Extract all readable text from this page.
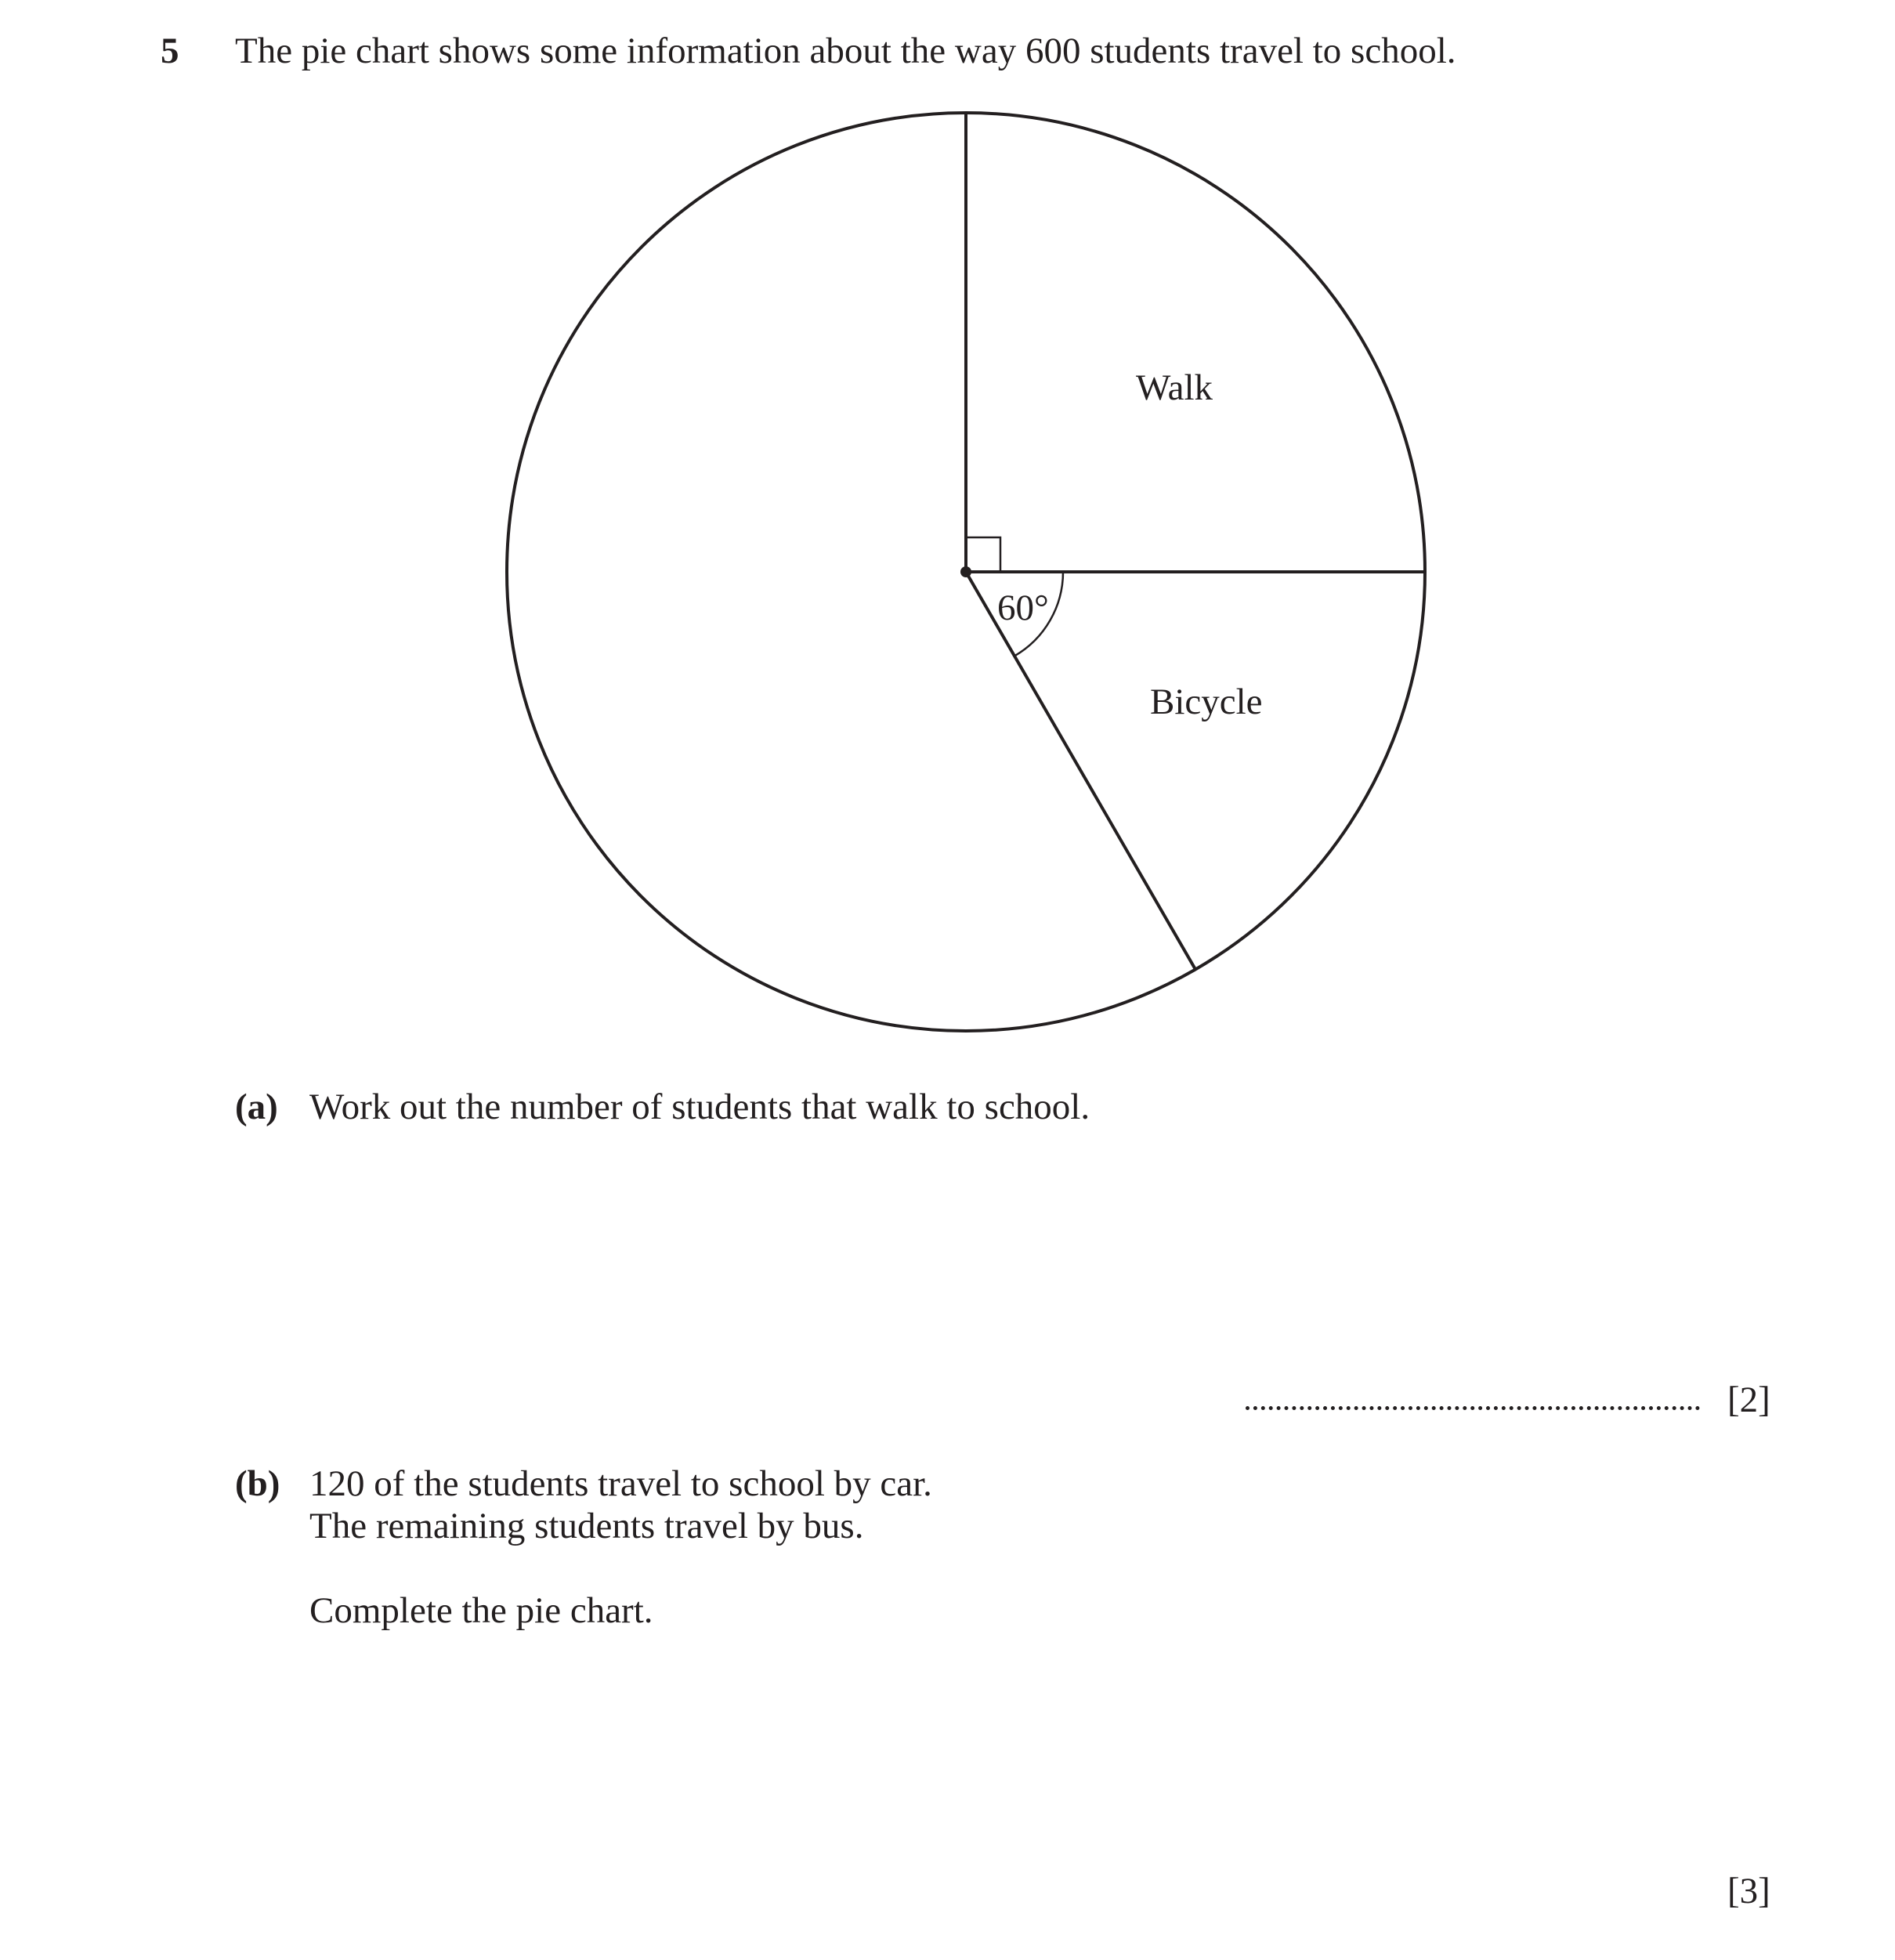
5 The pie chart shows some information about the way 600 students travel to school.
Walk
Bicycle
60°
(a) Work out the number of students that walk to school.
[2]
(b) 120 of the students travel to school by car.
The remaining students travel by bus.
Complete the pie chart.
[3]
